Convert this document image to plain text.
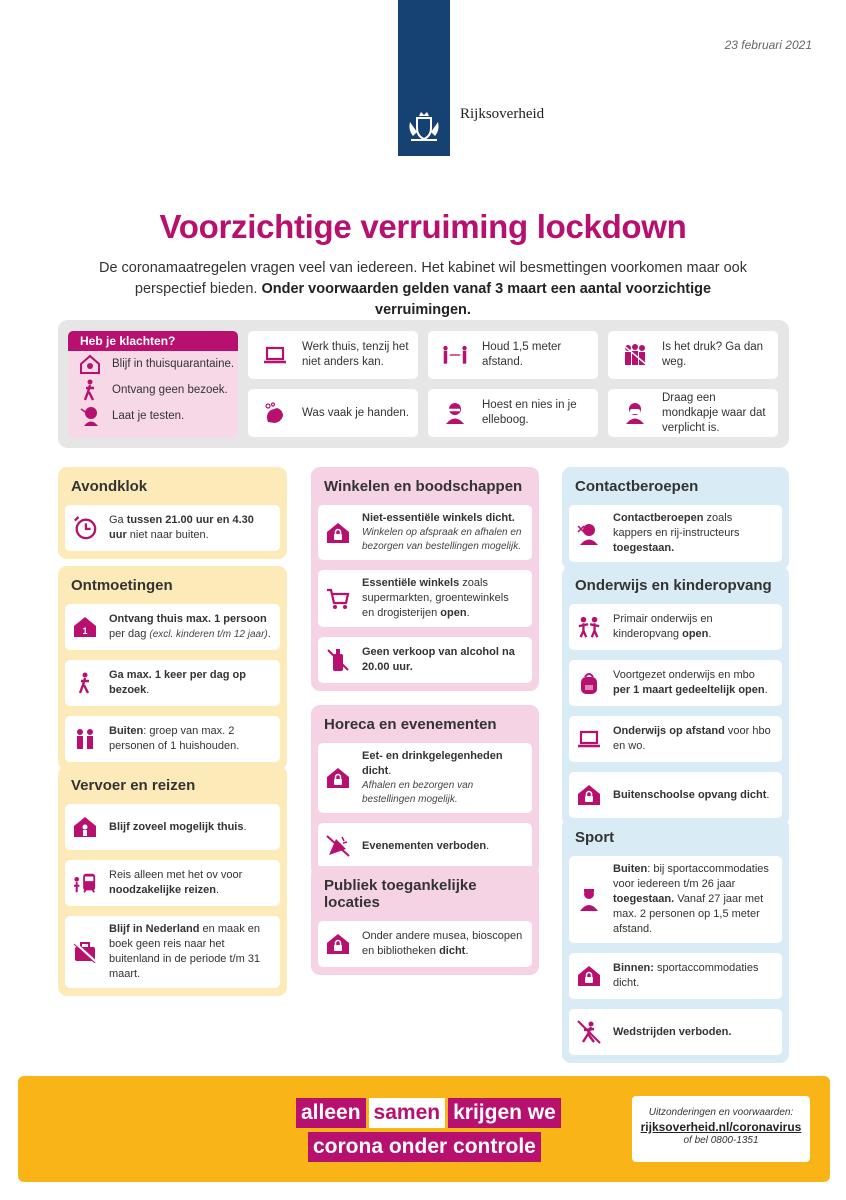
23 februari 2021
Rijksoverheid
Voorzichtige verruiming lockdown
De coronamaatregelen vragen veel van iedereen. Het kabinet wil besmettingen voorkomen maar ook perspectief bieden. Onder voorwaarden gelden vanaf 3 maart een aantal voorzichtige verruimingen.
Heb je klachten?
Blijf in thuisquarantaine.
Ontvang geen bezoek.
Laat je testen.
Werk thuis, tenzij het niet anders kan.
Houd 1,5 meter afstand.
Is het druk? Ga dan weg.
Was vaak je handen.
Hoest en nies in je elleboog.
Draag een mondkapje waar dat verplicht is.
Avondklok
Ga tussen 21.00 uur en 4.30 uur niet naar buiten.
Ontmoetingen
1
Ontvang thuis max. 1 persoon per dag (excl. kinderen t/m 12 jaar).
Ga max. 1 keer per dag op bezoek.
Buiten: groep van max. 2 personen of 1 huishouden.
Vervoer en reizen
Blijf zoveel mogelijk thuis.
Reis alleen met het ov voor noodzakelijke reizen.
Blijf in Nederland en maak en boek geen reis naar het buitenland in de periode t/m 31 maart.
Winkelen en boodschappen
Niet-essentiële winkels dicht.
Winkelen op afspraak en afhalen en bezorgen van bestellingen mogelijk.
Essentiële winkels zoals supermarkten, groentewinkels en drogisterijen open.
Geen verkoop van alcohol na 20.00 uur.
Horeca en evenementen
Eet- en drinkgelegenheden dicht.
Afhalen en bezorgen van bestellingen mogelijk.
Evenementen verboden.
Publiek toegankelijke locaties
Onder andere musea, bioscopen en bibliotheken dicht.
Contactberoepen
Contactberoepen zoals kappers en rij-instructeurs toegestaan.
Onderwijs en kinderopvang
Primair onderwijs en kinderopvang open.
Voortgezet onderwijs en mbo per 1 maart gedeeltelijk open.
Onderwijs op afstand voor hbo en wo.
Buitenschoolse opvang dicht.
Sport
Buiten: bij sportaccommodaties voor iedereen t/m 26 jaar toegestaan. Vanaf 27 jaar met max. 2 personen op 1,5 meter afstand.
Binnen: sportaccommodaties dicht.
Wedstrijden verboden.
alleen samen krijgen we
corona onder controle
Uitzonderingen en voorwaarden:
rijksoverheid.nl/coronavirus
of bel 0800-1351
